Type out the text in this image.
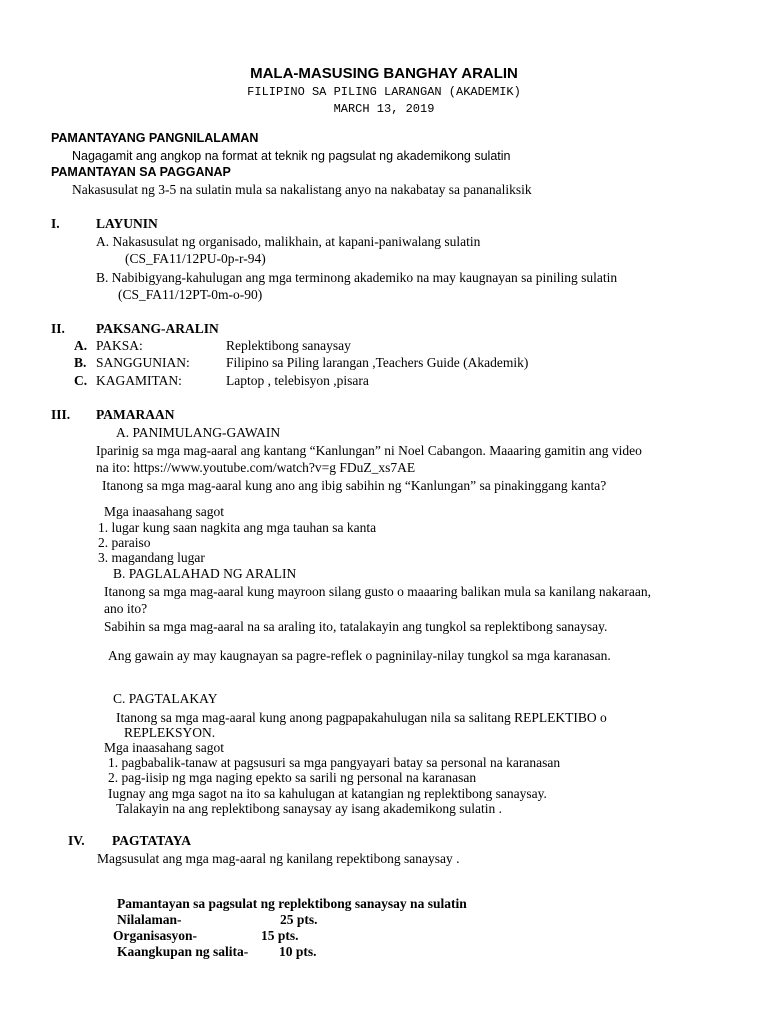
MALA-MASUSING BANGHAY ARALIN
FILIPINO SA PILING LARANGAN (AKADEMIK)
MARCH 13, 2019
PAMANTAYANG PANGNILALAMAN
Nagagamit ang angkop na format at teknik ng pagsulat ng akademikong sulatin
PAMANTAYAN SA PAGGANAP
Nakasusulat ng 3-5 na sulatin mula sa nakalistang anyo na nakabatay sa pananaliksik
I.	LAYUNIN
A. Nakasusulat ng organisado, malikhain, at kapani-paniwalang sulatin
(CS_FA11/12PU-0p-r-94)
B. Nabibigyang-kahulugan ang mga terminong akademiko na may kaugnayan sa piniling sulatin
(CS_FA11/12PT-0m-o-90)
II. PAKSANG-ARALIN
A. PAKSA:	Replektibong sanaysay
B. SANGGUNIAN:	Filipino sa Piling larangan ,Teachers Guide (Akademik)
C. KAGAMITAN:	Laptop , telebisyon ,pisara
III. PAMARAAN
A. PANIMULANG-GAWAIN
Iparinig sa mga mag-aaral ang kantang “Kanlungan” ni Noel Cabangon. Maaaring gamitin ang video
na ito: https://www.youtube.com/watch?v=g FDuZ_xs7AE
Itanong sa mga mag-aaral kung ano ang ibig sabihin ng “Kanlungan” sa pinakinggang kanta?
Mga inaasahang sagot
1. lugar kung saan nagkita ang mga tauhan sa kanta
2. paraiso
3. magandang lugar
B. PAGLALAHAD NG ARALIN
Itanong sa mga mag-aaral kung mayroon silang gusto o maaaring balikan mula sa kanilang nakaraan,
ano ito?
Sabihin sa mga mag-aaral na sa araling ito, tatalakayin ang tungkol sa replektibong sanaysay.
Ang gawain ay may kaugnayan sa pagre-reflek o pagninilay-nilay tungkol sa mga karanasan.
C. PAGTALAKAY
Itanong sa mga mag-aaral kung anong pagpapakahulugan nila sa salitang REPLEKTIBO o
REPLEKSYON.
Mga inaasahang sagot
1. pagbabalik-tanaw at pagsusuri sa mga pangyayari batay sa personal na karanasan
2. pag-iisip ng mga naging epekto sa sarili ng personal na karanasan
Iugnay ang mga sagot na ito sa kahulugan at katangian ng replektibong sanaysay.
Talakayin na ang replektibong sanaysay ay isang akademikong sulatin .
IV. PAGTATAYA
Magsusulat ang mga mag-aaral ng kanilang repektibong sanaysay .
Pamantayan sa pagsulat ng replektibong sanaysay na sulatin
Nilalaman-	25 pts.
Organisasyon-	15 pts.
Kaangkupan ng salita- 10 pts.
